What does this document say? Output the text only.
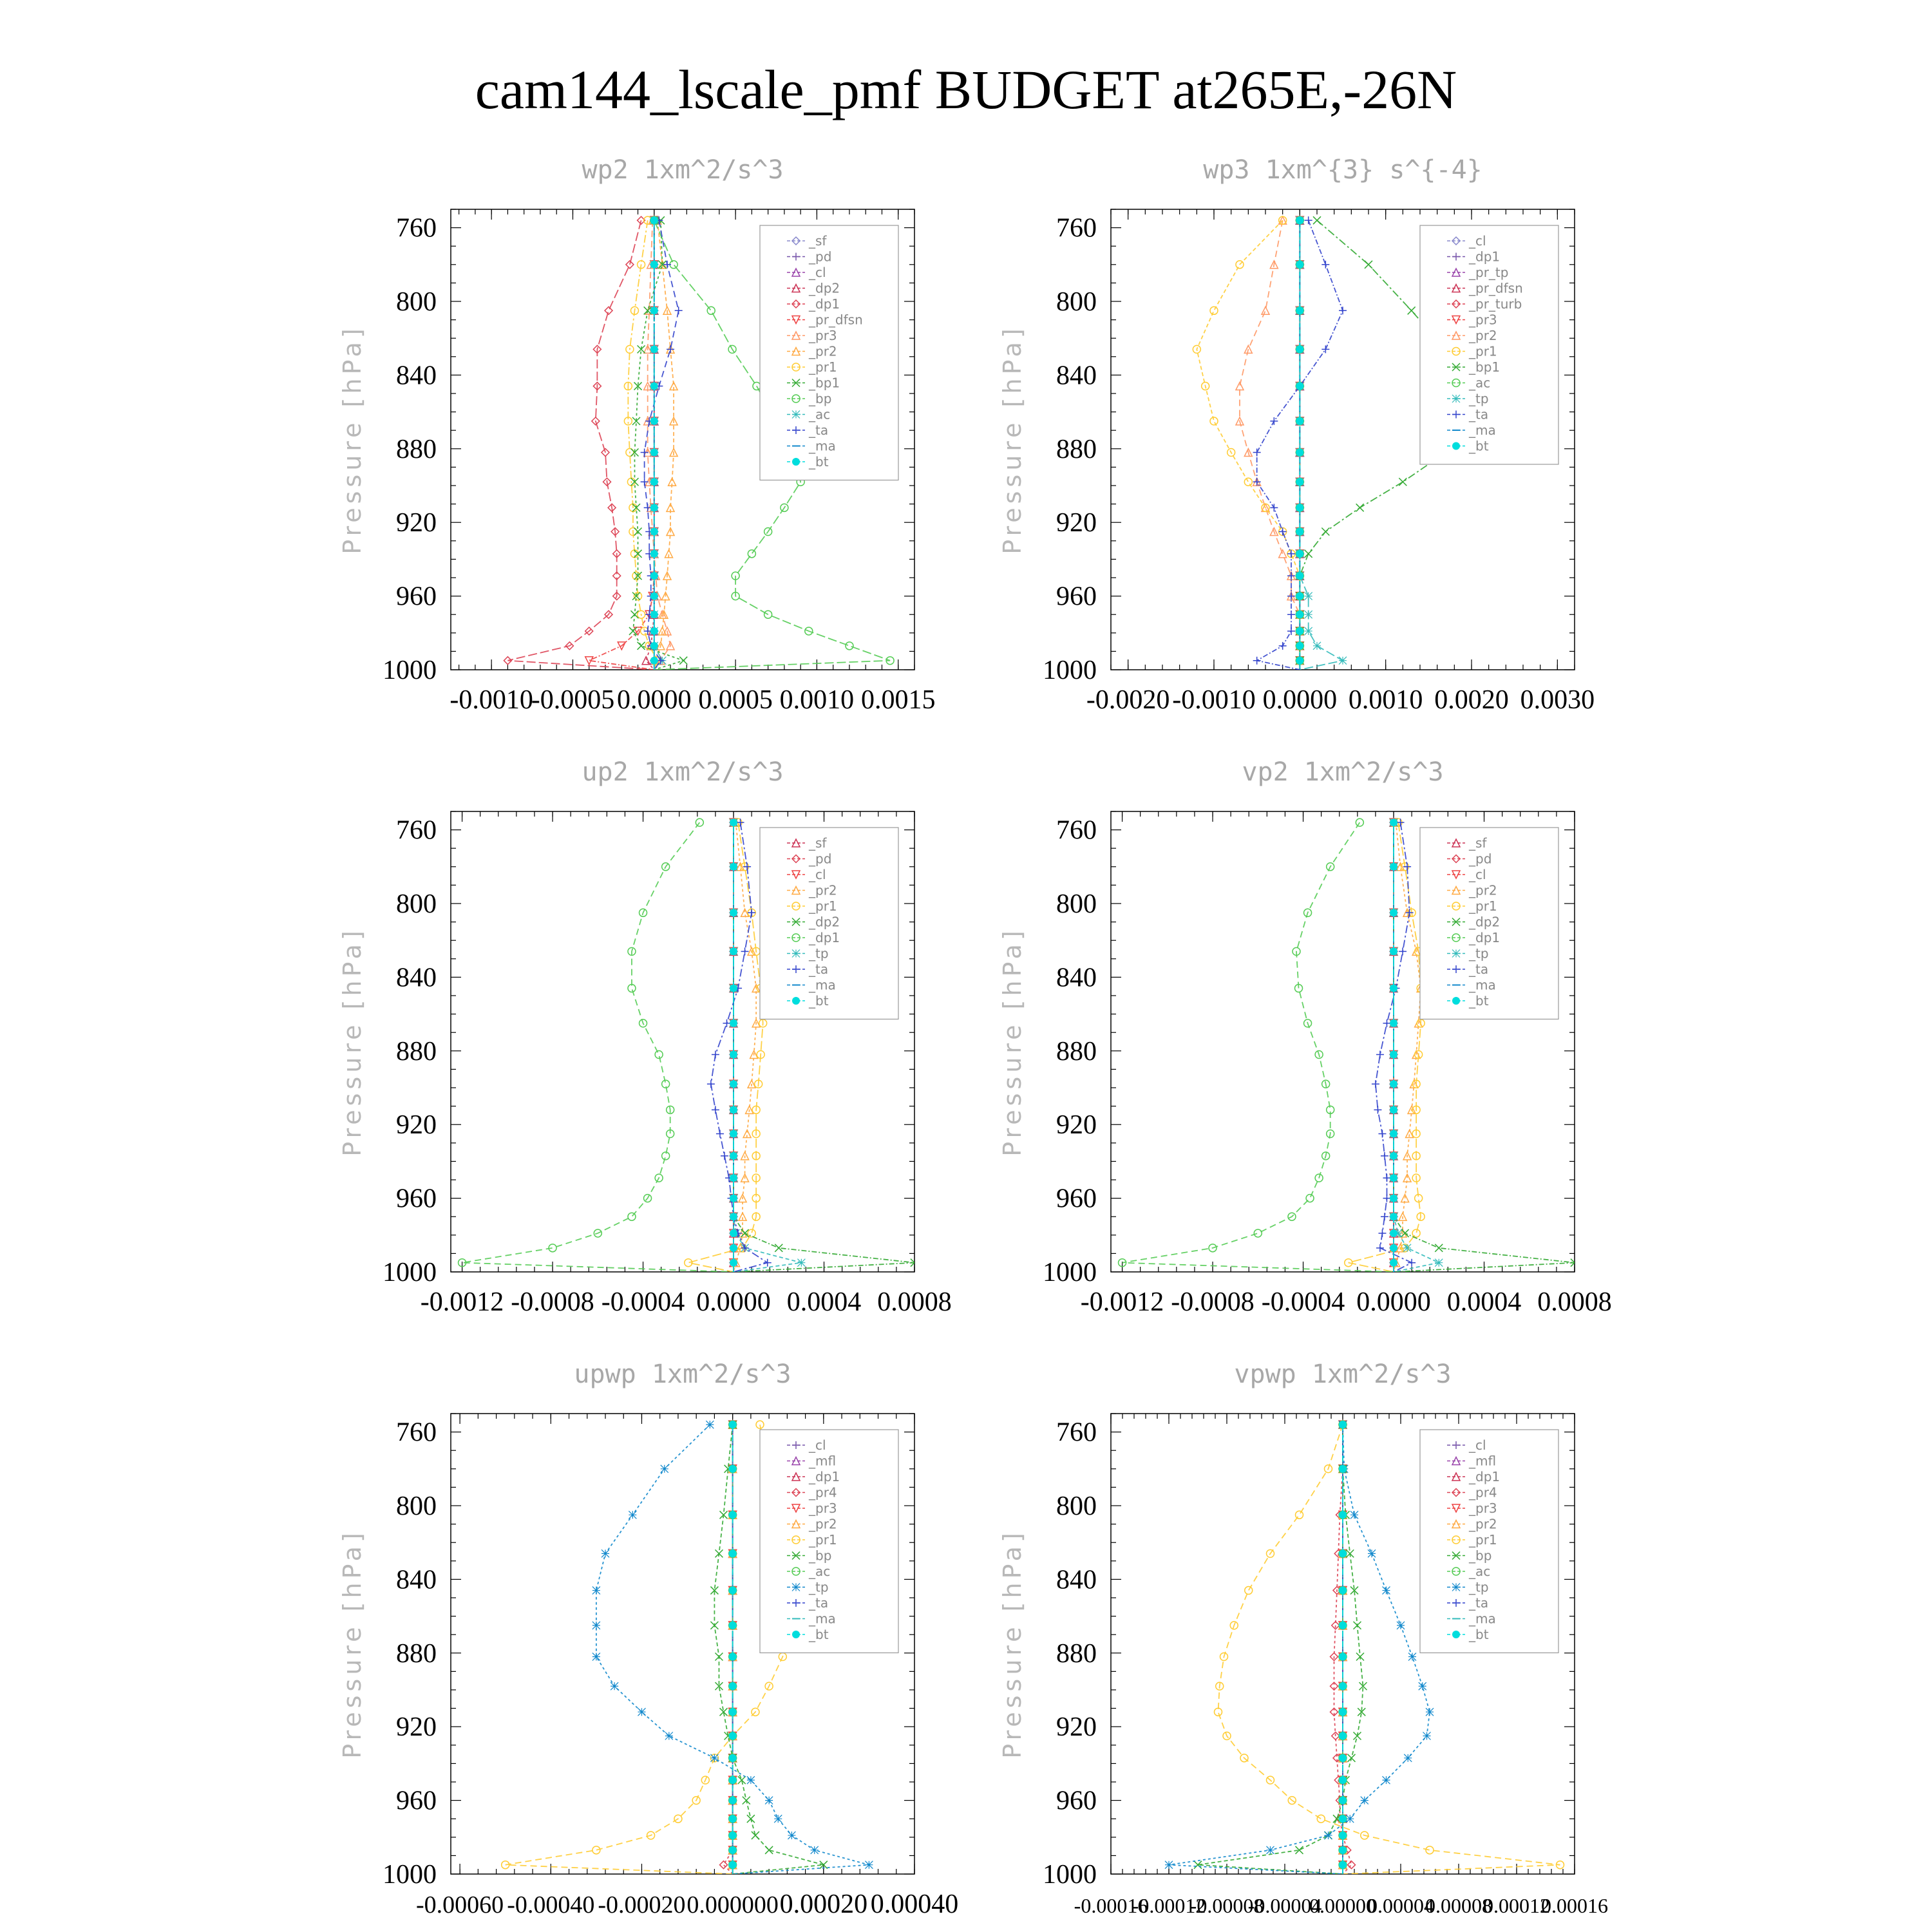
cam144_lscale_pmf BUDGET at265E,-26N
wp2 1xm^2/s^3
Pressure [hPa]
760
800
840
880
920
960
1000
-0.0010
-0.0005 0.0000 0.0005 0.0010 0.0015
_sf
_pd
_cl
_dp2
_dp1
_pr_dfsn
_pr3
_pr2
_pr1
_bp1
_bp
_ac
_ta
_ma
_bt
wp3 1xm^{3} s^{-4}
Pressure [hPa]
760
800
840
880
920
960
1000
-0.0020 -0.0010 0.0000 0.0010 0.0020 0.0030
_cl
_dp1
_pr_tp
_pr_dfsn
_pr_turb
_pr3
_pr2
_pr1
_bp1
_ac
_tp
_ta
_ma
_bt
up2 1xm^2/s^3
Pressure [hPa]
760
800
840
880
920
960
1000
-0.0012 -0.0008 -0.0004 0.0000 0.0004 0.0008
_sf
_pd
_cl
_pr2
_pr1
_dp2
_dp1
_tp
_ta
_ma
_bt
vp2 1xm^2/s^3
Pressure [hPa]
760
800
840
880
920
960
1000
-0.0012 -0.0008 -0.0004 0.0000 0.0004 0.0008
_sf
_pd
_cl
_pr2
_pr1
_dp2
_dp1
_tp
_ta
_ma
_bt
upwp 1xm^2/s^3
Pressure [hPa]
760
800
840
880
920
960
1000
-0.00060 -0.00040 -0.00020 0.000000 0.00020 0.00040
_cl
_mfl
_dp1
_pr4
_pr3
_pr2
_pr1
_bp
_ac
_tp
_ta
_ma
_bt
vpwp 1xm^2/s^3
Pressure [hPa]
760
800
840
880
920
960
1000
-0.00016
-0.00012
-0.00008
-0.00004
0.00000
0.00004
0.00008
0.00012
0.00016
_cl
_mfl
_dp1
_pr4
_pr3
_pr2
_pr1
_bp
_ac
_tp
_ta
_ma
_bt
